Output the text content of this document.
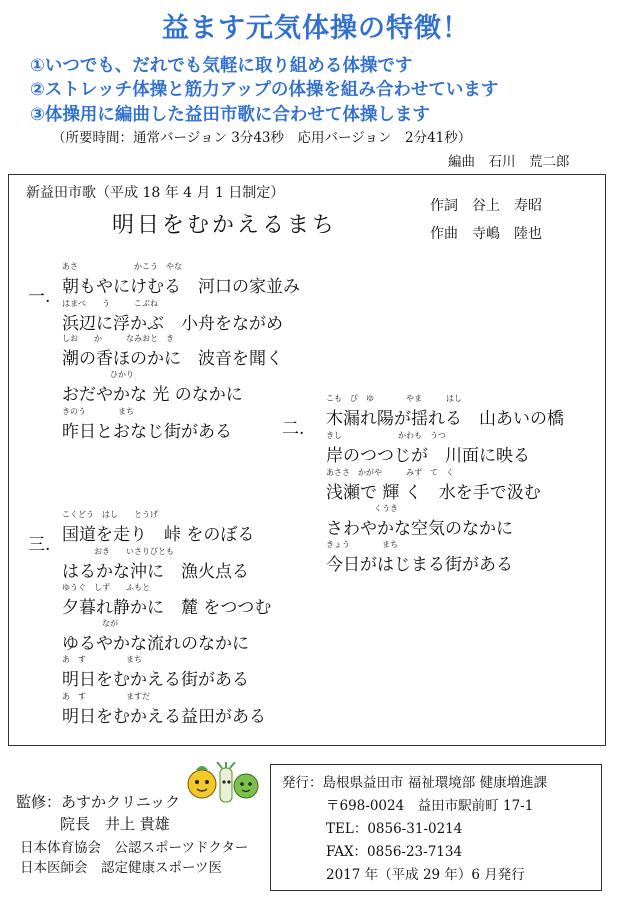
益ます元気体操の特徴！
①いつでも、だれでも気軽に取り組める体操です
②ストレッチ体操と筋力アップの体操を組み合わせています
③体操用に編曲した益田市歌に合わせて体操します
（所要時間：通常バージョン 3分43秒　応用バージョン　2分41秒）
編曲　石川　荒二郎
新益田市歌（平成 18 年 4 月 1 日制定）
明日をむかえるまち
作詞　谷上　寿昭
作曲　寺嶋　陸也
一.
あさ　　　　　　　かこう　やな
朝もやにけむる　河口の家並み
はまべ　　う　　　こぶね
浜辺に浮かぶ　小舟をながめ
しお　　か　　　なみおと　き
潮の香ほのかに　波音を聞く
　　　　　　ひかり
おだやかな 光 のなかに
きのう　　　　まち
昨日とおなじ街がある	二.
こも　び　ゆ　　　　やま　　　はし
木漏れ陽が揺れる　山あいの橋
きし　　　　　　　かわも　うつ
岸のつつじが　川面に映る
あささ　かがや　　　みず　て　く
浅瀬で 輝 く　水を手で汲む
　　　　　　くうき
さわやかな空気のなかに
きょう　　　　まち
今日がはじまる街がある
三.
こくどう　はし　　とうげ
国道を走り　峠 をのぼる
　　　　おき　　いさりびとも
はるかな沖に　漁火点る
ゆうぐ　しず　　ふもと
夕暮れ静かに　麓 をつつむ
　　　　　なが
ゆるやかな流れのなかに
あ　す　　　　　まち
明日をむかえる街がある
あ　す　　　　　ますだ
明日をむかえる益田がある
監修：あすかクリニック
院長　井上 貴雄
日本体育協会　公認スポーツドクター
日本医師会　認定健康スポーツ医
発行：島根県益田市 福祉環境部 健康増進課
〒698-0024　益田市駅前町 17-1
TEL：0856-31-0214
FAX：0856-23-7134
2017 年（平成 29 年）6 月発行
